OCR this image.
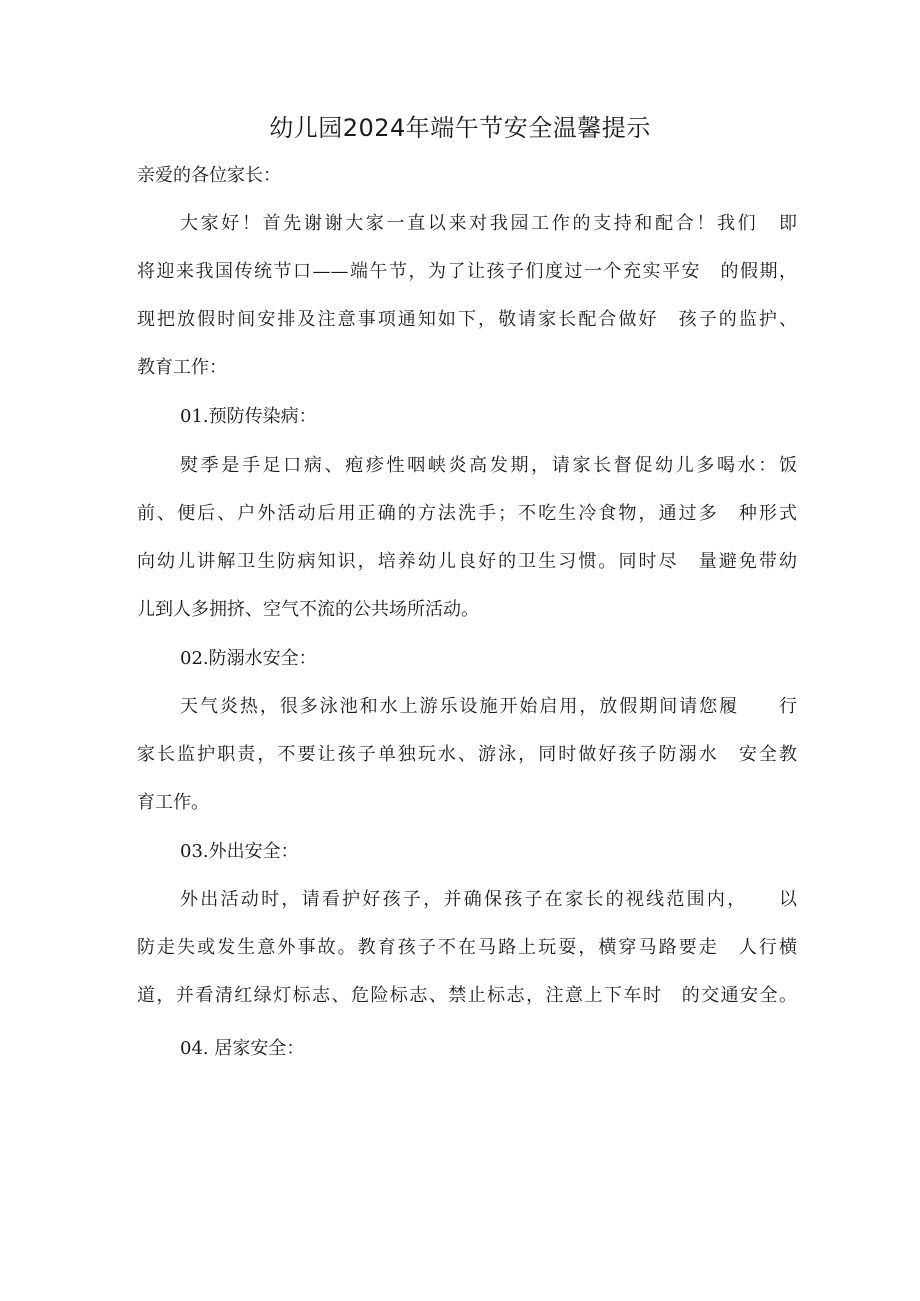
幼儿园2024年端午节安全温馨提示

亲爱的各位家长：

大家好！首先谢谢大家一直以来对我园工作的支持和配合！我们　即

将迎来我国传统节口——端午节，为了让孩子们度过一个充实平安　的假期，

现把放假时间安排及注意事项通知如下，敬请家长配合做好　孩子的监护、

教育工作：

01.预防传染病：

熨季是手足口病、疱疹性咽峡炎高发期，请家长督促幼儿多喝水：饭

前、便后、户外活动后用正确的方法洗手；不吃生冷食物，通过多　种形式

向幼儿讲解卫生防病知识，培养幼儿良好的卫生习惯。同时尽　量避免带幼

儿到人多拥挤、空气不流的公共场所活动。

02.防溺水安全：

天气炎热，很多泳池和水上游乐设施开始启用，放假期间请您履　　行

家长监护职责，不要让孩子单独玩水、游泳，同时做好孩子防溺水　安全教

育工作。

03.外出安全：

外出活动时，请看护好孩子，并确保孩子在家长的视线范围内，　　以

防走失或发生意外事故。教育孩子不在马路上玩耍，横穿马路要走　人行横

道，并看清红绿灯标志、危险标志、禁止标志，注意上下车时　的交通安全。

04. 居家安全：
